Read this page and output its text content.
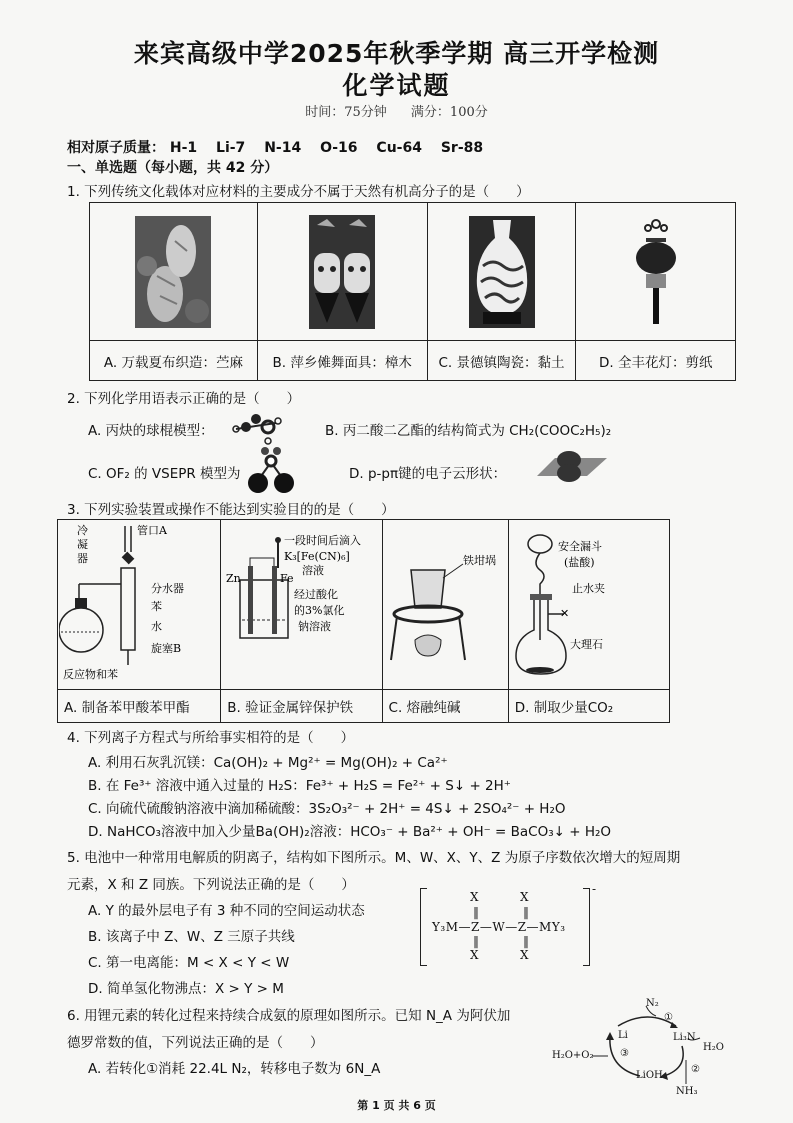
来宾高级中学2025年秋季学期 高三开学检测
化学试题
时间：75分钟 满分：100分
相对原子质量： H-1 Li-7 N-14 O-16 Cu-64 Sr-88
一、单选题（每小题，共 42 分）
1. 下列传统文化载体对应材料的主要成分不属于天然有机高分子的是（　　）

A. 万载夏布织造：苎麻	B. 萍乡傩舞面具：樟木	C. 景德镇陶瓷：黏土	D. 全丰花灯：剪纸
2. 下列化学用语表示正确的是（　　）
A. 丙炔的球棍模型：	B. 丙二酸二乙酯的结构简式为 CH₂(COOC₂H₅)₂
C. OF₂ 的 VSEPR 模型为	D. p-pπ键的电子云形状：
3. 下列实验装置或操作不能达到实验目的的是（　　）
冷
凝
器
管口A
分水器
苯
水
旋塞B
反应物和苯

一段时间后滴入
K₃[Fe(CN)₆]
溶液
Zn	Fe
经过酸化
的3%氯化
钠溶液

铁坩埚

✕
安全漏斗
(盐酸)
止水夹
大理石

A. 制备苯甲酸苯甲酯	B. 验证金属锌保护铁	C. 熔融纯碱	D. 制取少量CO₂
4. 下列离子方程式与所给事实相符的是（　　）
A. 利用石灰乳沉镁：Ca(OH)₂ + Mg²⁺ = Mg(OH)₂ + Ca²⁺
B. 在 Fe³⁺ 溶液中通入过量的 H₂S：Fe³⁺ + H₂S = Fe²⁺ + S↓ + 2H⁺
C. 向硫代硫酸钠溶液中滴加稀硫酸：3S₂O₃²⁻ + 2H⁺ = 4S↓ + 2SO₄²⁻ + H₂O
D. NaHCO₃溶液中加入少量Ba(OH)₂溶液：HCO₃⁻ + Ba²⁺ + OH⁻ = BaCO₃↓ + H₂O
5. 电池中一种常用电解质的阴离子，结构如下图所示。M、W、X、Y、Z 为原子序数依次增大的短周期
元素，X 和 Z 同族。下列说法正确的是（　　）
A. Y 的最外层电子有 3 种不同的空间运动状态
B. 该离子中 Z、W、Z 三原子共线
C. 第一电离能：M < X < Y < W
D. 简单氢化物沸点：X > Y > M
-
X	X
‖	‖
Y₃M—Z—W—Z—MY₃
‖	‖
X	X
6. 用锂元素的转化过程来持续合成氨的原理如图所示。已知 N_A 为阿伏加
德罗常数的值，下列说法正确的是（　　）
A. 若转化①消耗 22.4L N₂，转移电子数为 6N_A
N₂
①
Li	Li₃N
H₂O
H₂O+O₂	③
②
LiOH
NH₃
第 1 页 共 6 页
